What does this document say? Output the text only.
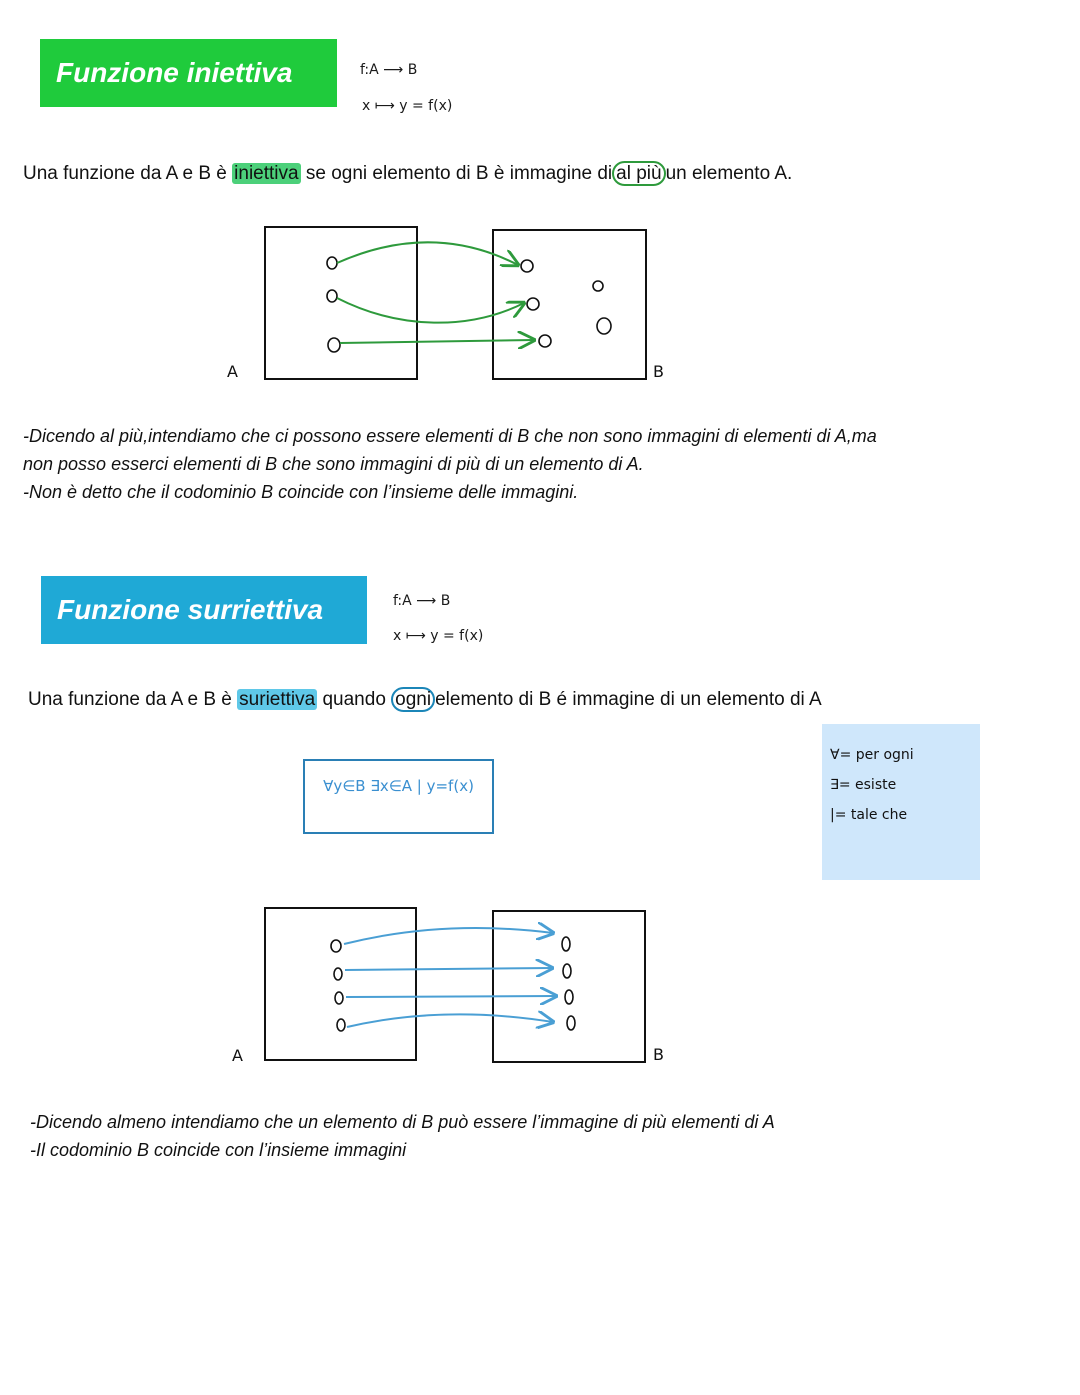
Funzione iniettiva	f:A ⟶ B
x ⟼ y = f(x)
Una funzione da A e B è iniettiva se ogni elemento di B è immagine di al più un elemento A.
A	B
-Dicendo al più,intendiamo che ci possono essere elementi di B che non sono immagini di elementi di A,ma
non posso esserci elementi di B che sono immagini di più di un elemento di A.
-Non è detto che il codominio B coincide con l’insieme delle immagini.
Funzione surriettiva	f:A ⟶ B
x ⟼ y = f(x)
Una funzione da A e B è suriettiva quando ogni elemento di B é immagine di un elemento di A
∀y∈B ∃x∈A | y=f(x)
∀= per ogni
∃= esiste
|= tale che
A	B
-Dicendo almeno intendiamo che un elemento di B può essere l’immagine di più elementi di A
-Il codominio B coincide con l’insieme immagini
